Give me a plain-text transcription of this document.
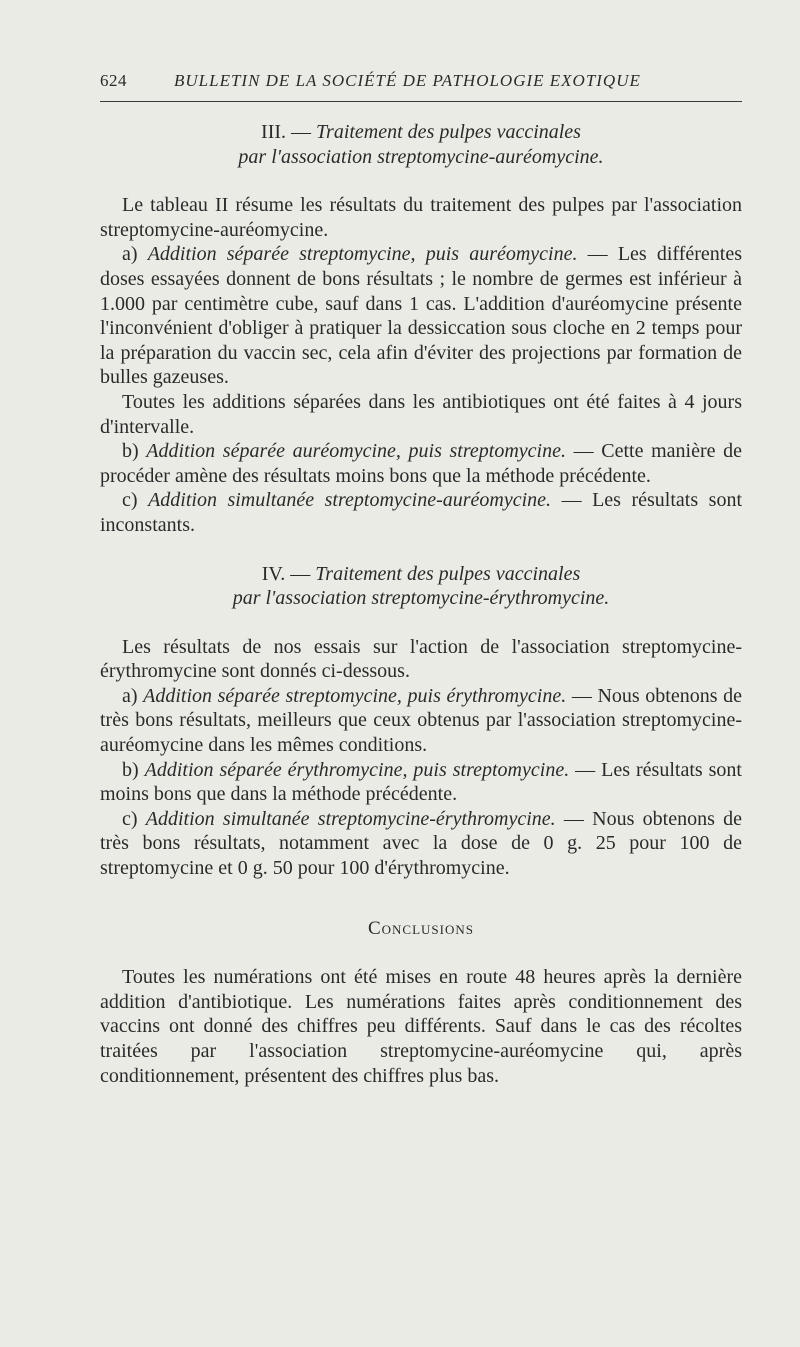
624	BULLETIN DE LA SOCIÉTÉ DE PATHOLOGIE EXOTIQUE
III. — Traitement des pulpes vaccinales
par l'association streptomycine-auréomycine.

Le tableau II résume les résultats du traitement des pulpes par l'association streptomycine-auréomycine.

a) Addition séparée streptomycine, puis auréomycine. — Les différentes doses essayées donnent de bons résultats ; le nombre de germes est inférieur à 1.000 par centimètre cube, sauf dans 1 cas. L'addition d'auréomycine présente l'inconvénient d'obliger à pratiquer la dessiccation sous cloche en 2 temps pour la préparation du vaccin sec, cela afin d'éviter des projections par formation de bulles gazeuses.

Toutes les additions séparées dans les antibiotiques ont été faites à 4 jours d'intervalle.

b) Addition séparée auréomycine, puis streptomycine. — Cette manière de procéder amène des résultats moins bons que la méthode précédente.

c) Addition simultanée streptomycine-auréomycine. — Les résultats sont inconstants.

IV. — Traitement des pulpes vaccinales
par l'association streptomycine-érythromycine.

Les résultats de nos essais sur l'action de l'association streptomycine-érythromycine sont donnés ci-dessous.

a) Addition séparée streptomycine, puis érythromycine. — Nous obtenons de très bons résultats, meilleurs que ceux obtenus par l'association streptomycine-auréomycine dans les mêmes conditions.

b) Addition séparée érythromycine, puis streptomycine. — Les résultats sont moins bons que dans la méthode précédente.

c) Addition simultanée streptomycine-érythromycine. — Nous obtenons de très bons résultats, notamment avec la dose de 0 g. 25 pour 100 de streptomycine et 0 g. 50 pour 100 d'érythromycine.

Conclusions

Toutes les numérations ont été mises en route 48 heures après la dernière addition d'antibiotique. Les numérations faites après conditionnement des vaccins ont donné des chiffres peu différents. Sauf dans le cas des récoltes traitées par l'association streptomycine-auréomycine qui, après conditionnement, présentent des chiffres plus bas.
